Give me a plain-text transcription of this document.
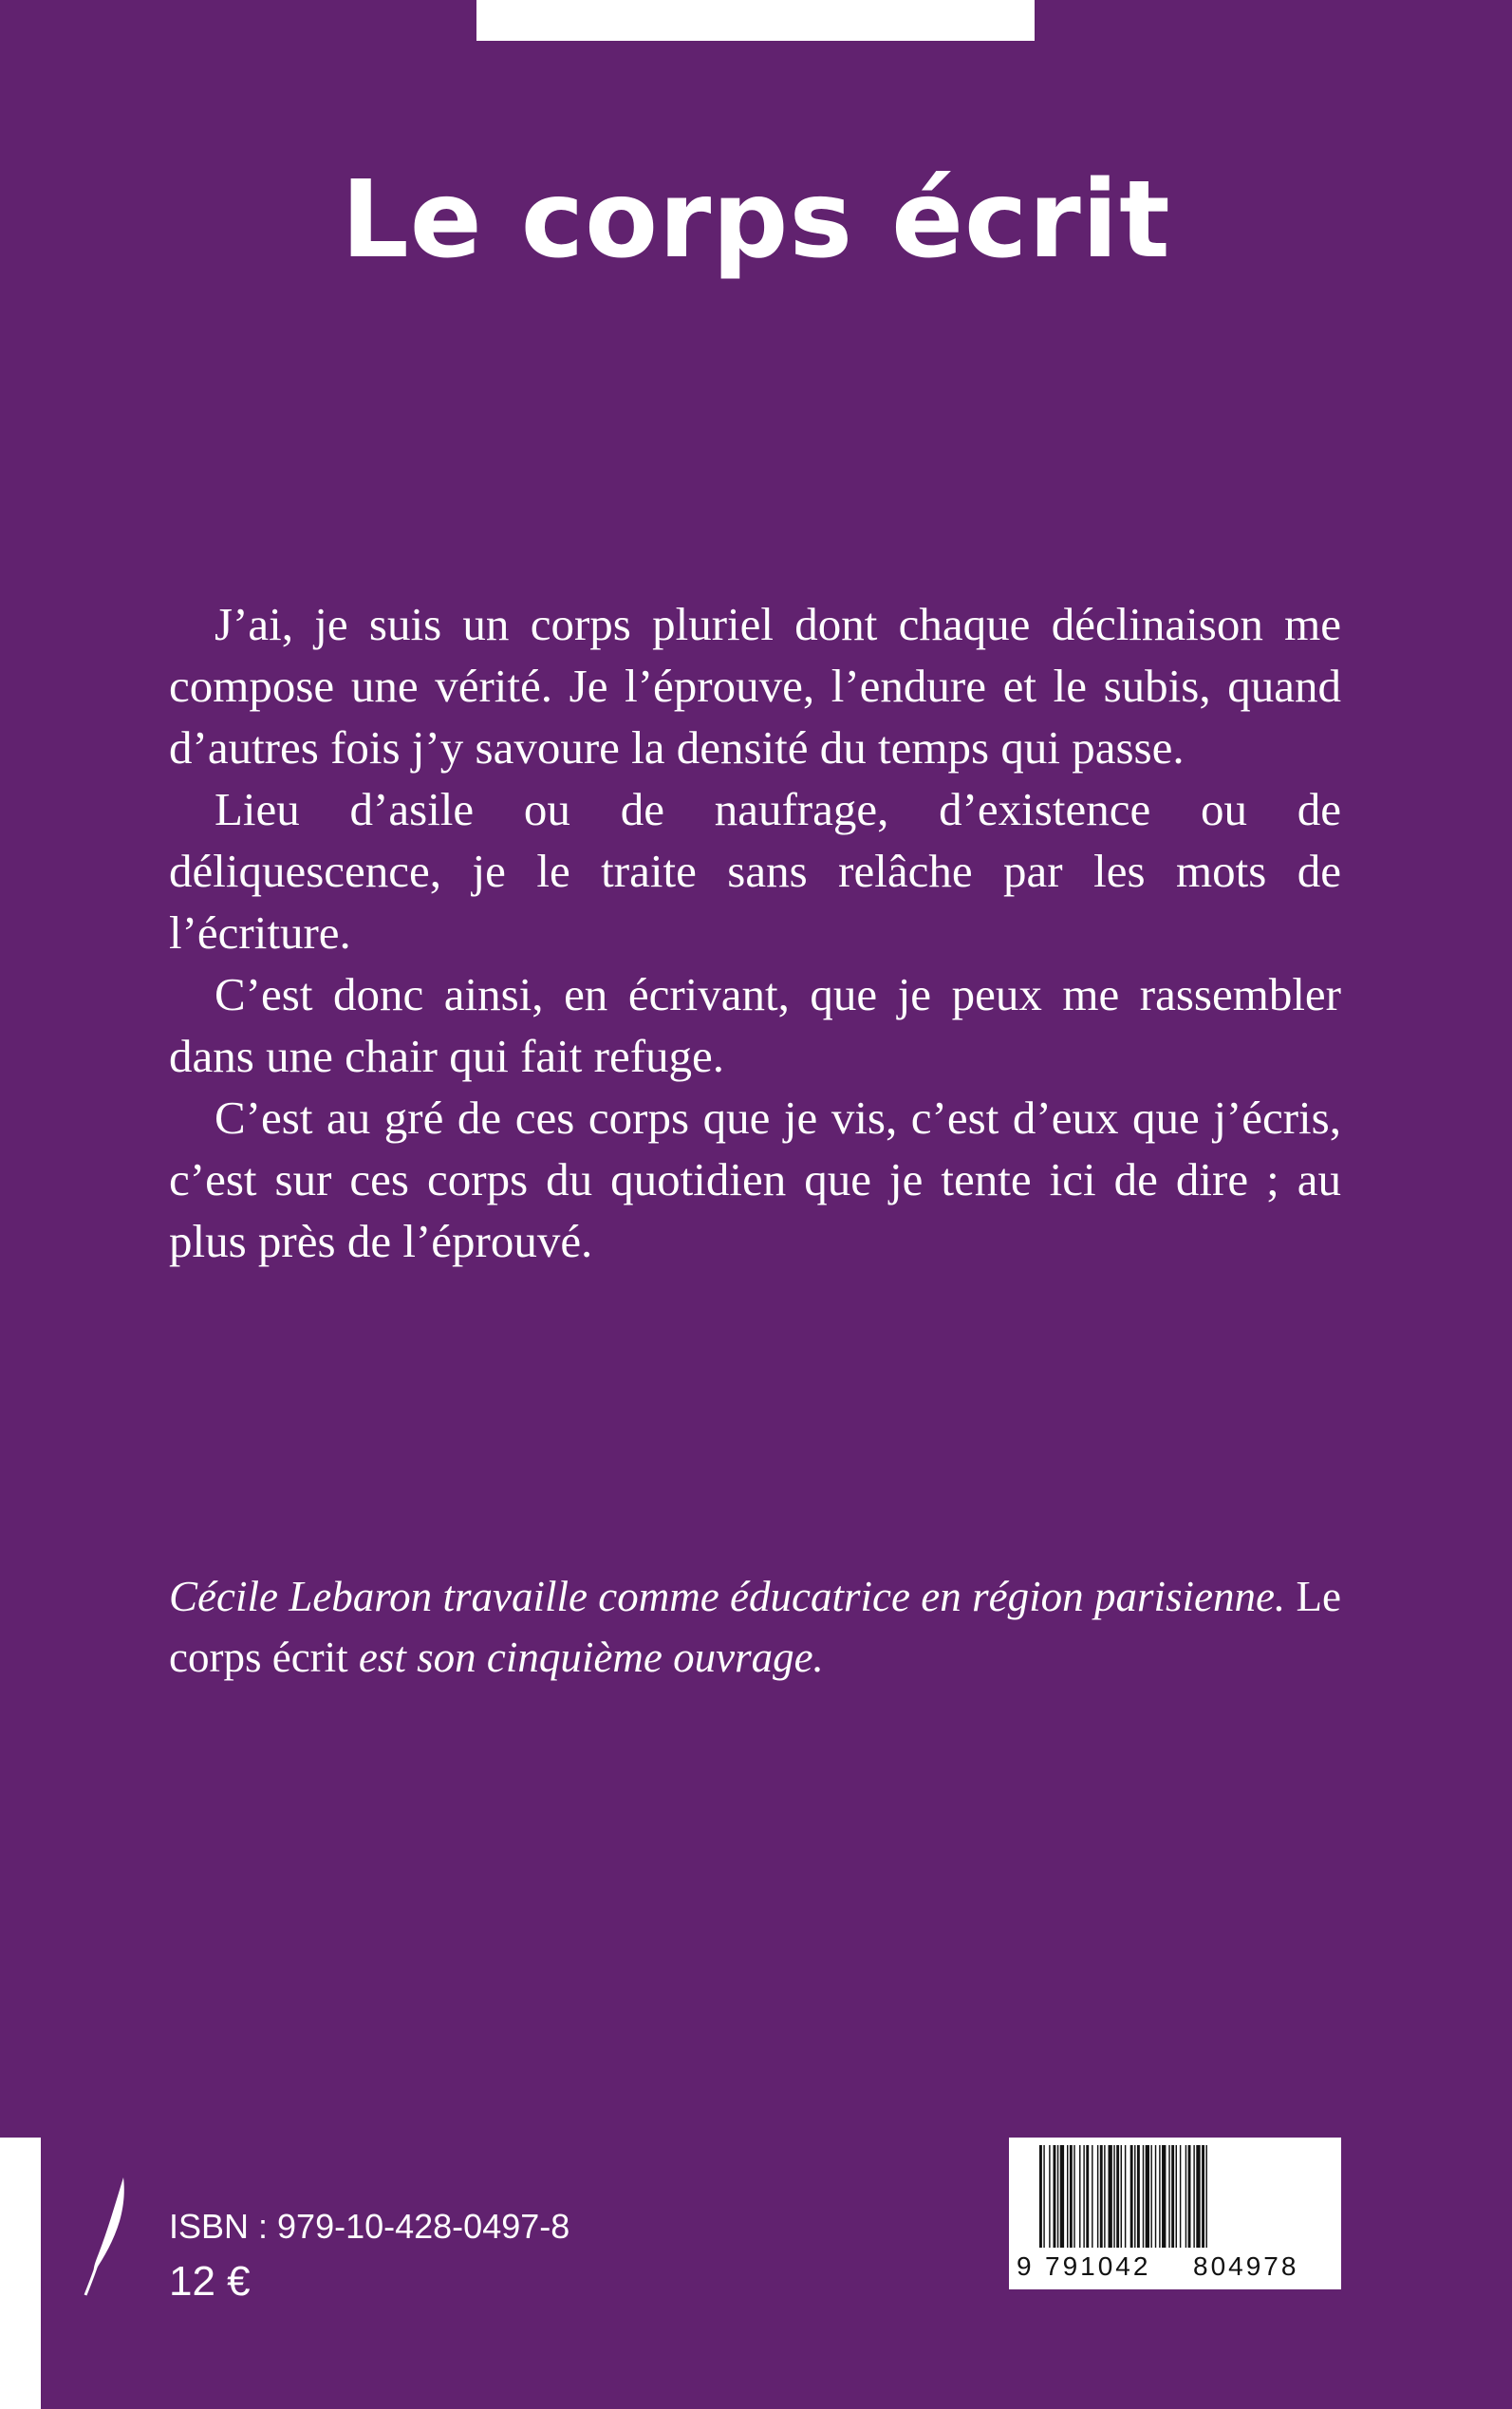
Le corps écrit

J’ai, je suis un corps pluriel dont chaque déclinaison me compose une vérité. Je l’éprouve, l’endure et le subis, quand d’autres fois j’y savoure la densité du temps qui passe.

Lieu d’asile ou de naufrage, d’existence ou de déliquescence, je le traite sans relâche par les mots de l’écriture.

C’est donc ainsi, en écrivant, que je peux me rassembler dans une chair qui fait refuge.

C’est au gré de ces corps que je vis, c’est d’eux que j’écris, c’est sur ces corps du quotidien que je tente ici de dire ; au plus près de l’éprouvé.

Cécile Lebaron travaille comme éducatrice en région parisienne. Le corps écrit est son cinquième ouvrage.

ISBN : 979-10-428-0497-8
12 €	9 791042 804978
